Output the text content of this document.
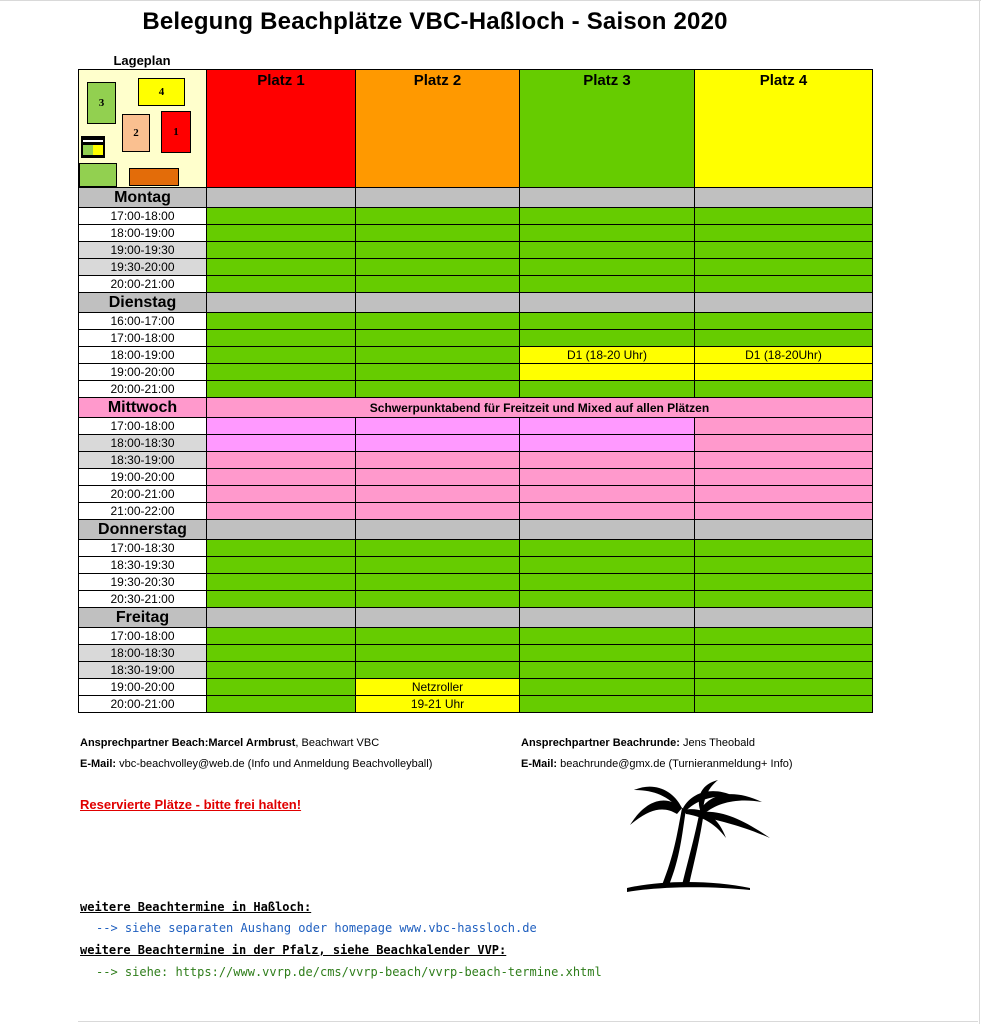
Belegung Beachplätze VBC-Haßloch - Saison 2020
Lageplan
3
4
2 1	Platz 1	Platz 2	Platz 3	Platz 4
Montag				
17:00-18:00				
18:00-19:00				
19:00-19:30				
19:30-20:00				
20:00-21:00				
Dienstag				
16:00-17:00				
17:00-18:00				
18:00-19:00			D1 (18-20 Uhr)	D1 (18-20Uhr)
19:00-20:00				
20:00-21:00				
Mittwoch	Schwerpunktabend für Freitzeit und Mixed auf allen Plätzen			
17:00-18:00				
18:00-18:30				
18:30-19:00				
19:00-20:00				
20:00-21:00				
21:00-22:00				
Donnerstag				
17:00-18:30				
18:30-19:30				
19:30-20:30				
20:30-21:00				
Freitag				
17:00-18:00				
18:00-18:30				
18:30-19:00				
19:00-20:00		Netzroller		
20:00-21:00		19-21 Uhr		
Ansprechpartner Beach:Marcel Armbrust, Beachwart VBC
E-Mail: vbc-beachvolley@web.de (Info und Anmeldung Beachvolleyball)
Ansprechpartner Beachrunde: Jens Theobald
E-Mail: beachrunde@gmx.de (Turnieranmeldung+ Info)
Reservierte Plätze - bitte frei halten!
weitere Beachtermine in Haßloch:
--> siehe separaten Aushang oder homepage www.vbc-hassloch.de
weitere Beachtermine in der Pfalz, siehe Beachkalender VVP:
--> siehe: https://www.vvrp.de/cms/vvrp-beach/vvrp-beach-termine.xhtml
